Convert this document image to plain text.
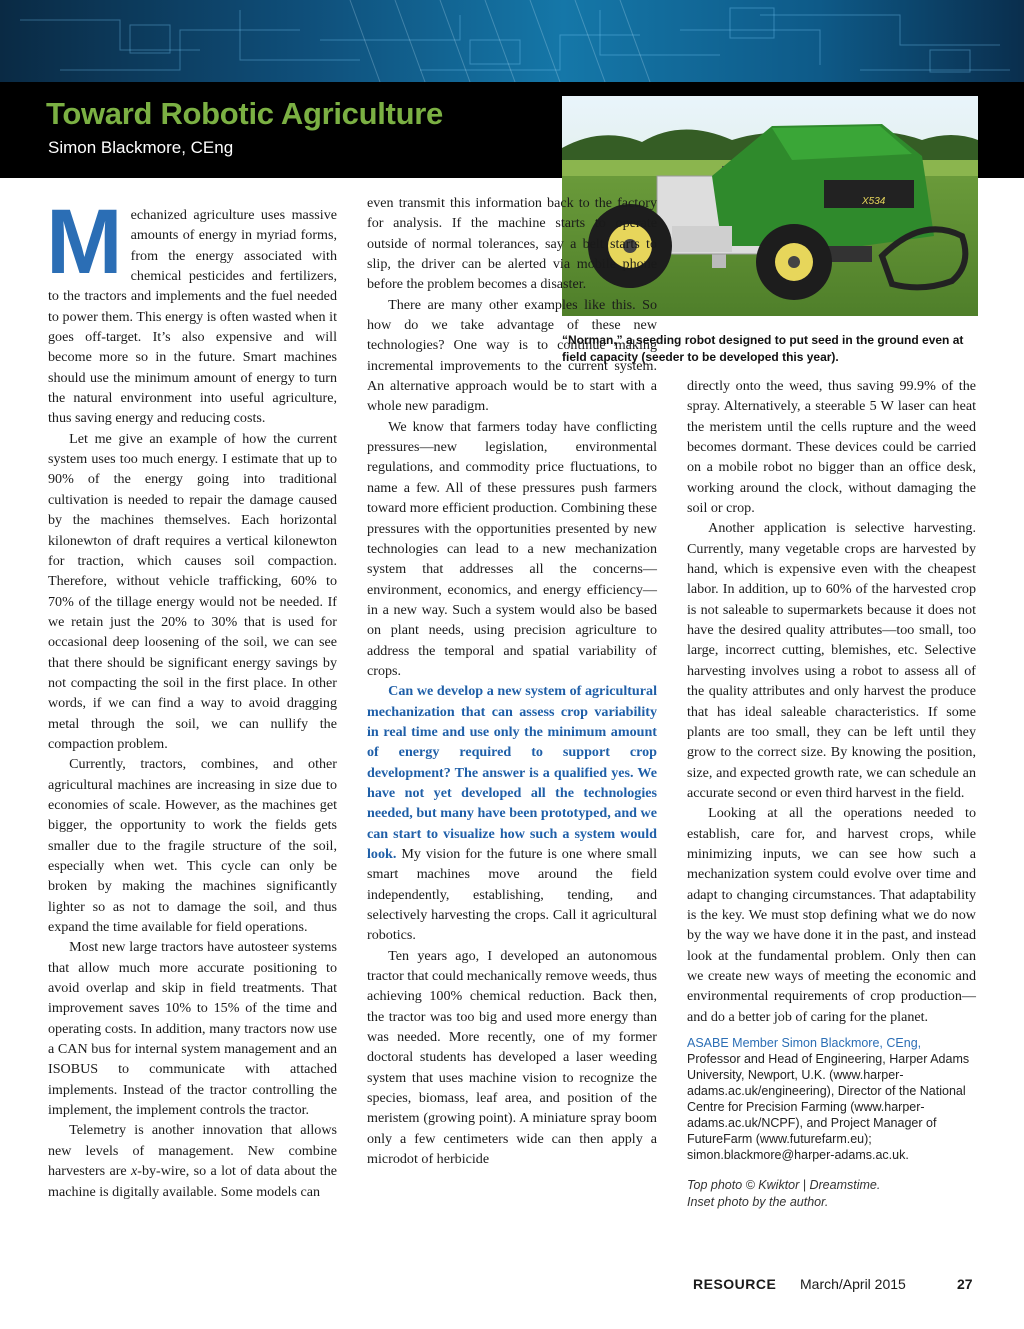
Toward Robotic Agriculture
Simon Blackmore, CEng
X534
“Norman,” a seeding robot designed to put seed in the ground even at field capacity (seeder to be developed this year).
M echanized agriculture uses massive amounts of energy in myriad forms, from the energy associated with chemical pesticides and fertilizers, to the tractors and implements and the fuel needed to power them. This energy is often wasted when it goes off-target. It’s also expensive and will become more so in the future. Smart machines should use the minimum amount of energy to turn the natural environment into useful agriculture, thus saving energy and reducing costs.

Let me give an example of how the current system uses too much energy. I estimate that up to 90% of the energy going into traditional cultivation is needed to repair the damage caused by the machines themselves. Each horizontal kilonewton of draft requires a vertical kilonewton for traction, which causes soil compaction. Therefore, without vehicle trafficking, 60% to 70% of the tillage energy would not be needed. If we retain just the 20% to 30% that is used for occasional deep loosening of the soil, we can see that there should be significant energy savings by not compacting the soil in the first place. In other words, if we can find a way to avoid dragging metal through the soil, we can nullify the compaction problem.

Currently, tractors, combines, and other agricultural machines are increasing in size due to economies of scale. However, as the machines get bigger, the opportunity to work the fields gets smaller due to the fragile structure of the soil, especially when wet. This cycle can only be broken by making the machines significantly lighter so as not to damage the soil, and thus expand the time available for field operations.

Most new large tractors have autosteer systems that allow much more accurate positioning to avoid overlap and skip in field treatments. That improvement saves 10% to 15% of the time and operating costs. In addition, many tractors now use a CAN bus for internal system management and an ISOBUS to communicate with attached implements. Instead of the tractor controlling the implement, the implement controls the tractor.

Telemetry is another innovation that allows new levels of management. New combine harvesters are x-by-wire, so a lot of data about the machine is digitally available. Some models can

even transmit this information back to the factory for analysis. If the machine starts to operate outside of normal tolerances, say a belt starts to slip, the driver can be alerted via mobile phone before the problem becomes a disaster.

There are many other examples like this. So how do we take advantage of these new technologies? One way is to continue making incremental improvements to the current system. An alternative approach would be to start with a whole new paradigm.

We know that farmers today have conflicting pressures—new legislation, environmental regulations, and commodity price fluctuations, to name a few. All of these pressures push farmers toward more efficient production. Combining these pressures with the opportunities presented by new technologies can lead to a new mechanization system that addresses all the concerns—environment, economics, and energy efficiency—in a new way. Such a system would also be based on plant needs, using precision agriculture to address the temporal and spatial variability of crops.

Can we develop a new system of agricultural mechanization that can assess crop variability in real time and use only the minimum amount of energy required to support crop development? The answer is a qualified yes. We have not yet developed all the technologies needed, but many have been prototyped, and we can start to visualize how such a system would look. My vision for the future is one where small smart machines move around the field independently, establishing, tending, and selectively harvesting the crops. Call it agricultural robotics.

Ten years ago, I developed an autonomous tractor that could mechanically remove weeds, thus achieving 100% chemical reduction. Back then, the tractor was too big and used more energy than was needed. More recently, one of my former doctoral students has developed a laser weeding system that uses machine vision to recognize the species, biomass, leaf area, and position of the meristem (growing point). A miniature spray boom only a few centimeters wide can then apply a microdot of herbicide

directly onto the weed, thus saving 99.9% of the spray. Alternatively, a steerable 5 W laser can heat the meristem until the cells rupture and the weed becomes dormant. These devices could be carried on a mobile robot no bigger than an office desk, working around the clock, without damaging the soil or crop.

Another application is selective harvesting. Currently, many vegetable crops are harvested by hand, which is expensive even with the cheapest labor. In addition, up to 60% of the harvested crop is not saleable to supermarkets because it does not have the desired quality attributes—too small, too large, incorrect cutting, blemishes, etc. Selective harvesting involves using a robot to assess all of the quality attributes and only harvest the produce that has ideal saleable characteristics. If some plants are too small, they can be left until they grow to the correct size. By knowing the position, size, and expected growth rate, we can schedule an accurate second or even third harvest in the field.

Looking at all the operations needed to establish, care for, and harvest crops, while minimizing inputs, we can see how such a mechanization system could evolve over time and adapt to changing circumstances. That adaptability is the key. We must stop defining what we do now by the way we have done it in the past, and instead look at the fundamental problem. Only then can we create new ways of meeting the economic and environmental requirements of crop production—and do a better job of caring for the planet.

ASABE Member Simon Blackmore, CEng,
Professor and Head of Engineering, Harper Adams University, Newport, U.K. (www.harper-adams.ac.uk/engineering), Director of the National Centre for Precision Farming (www.harper-adams.ac.uk/NCPF), and Project Manager of FutureFarm (www.futurefarm.eu); simon.blackmore@harper-adams.ac.uk.
Top photo © Kwiktor | Dreamstime.
Inset photo by the author.
RESOURCE March/April 2015	27
